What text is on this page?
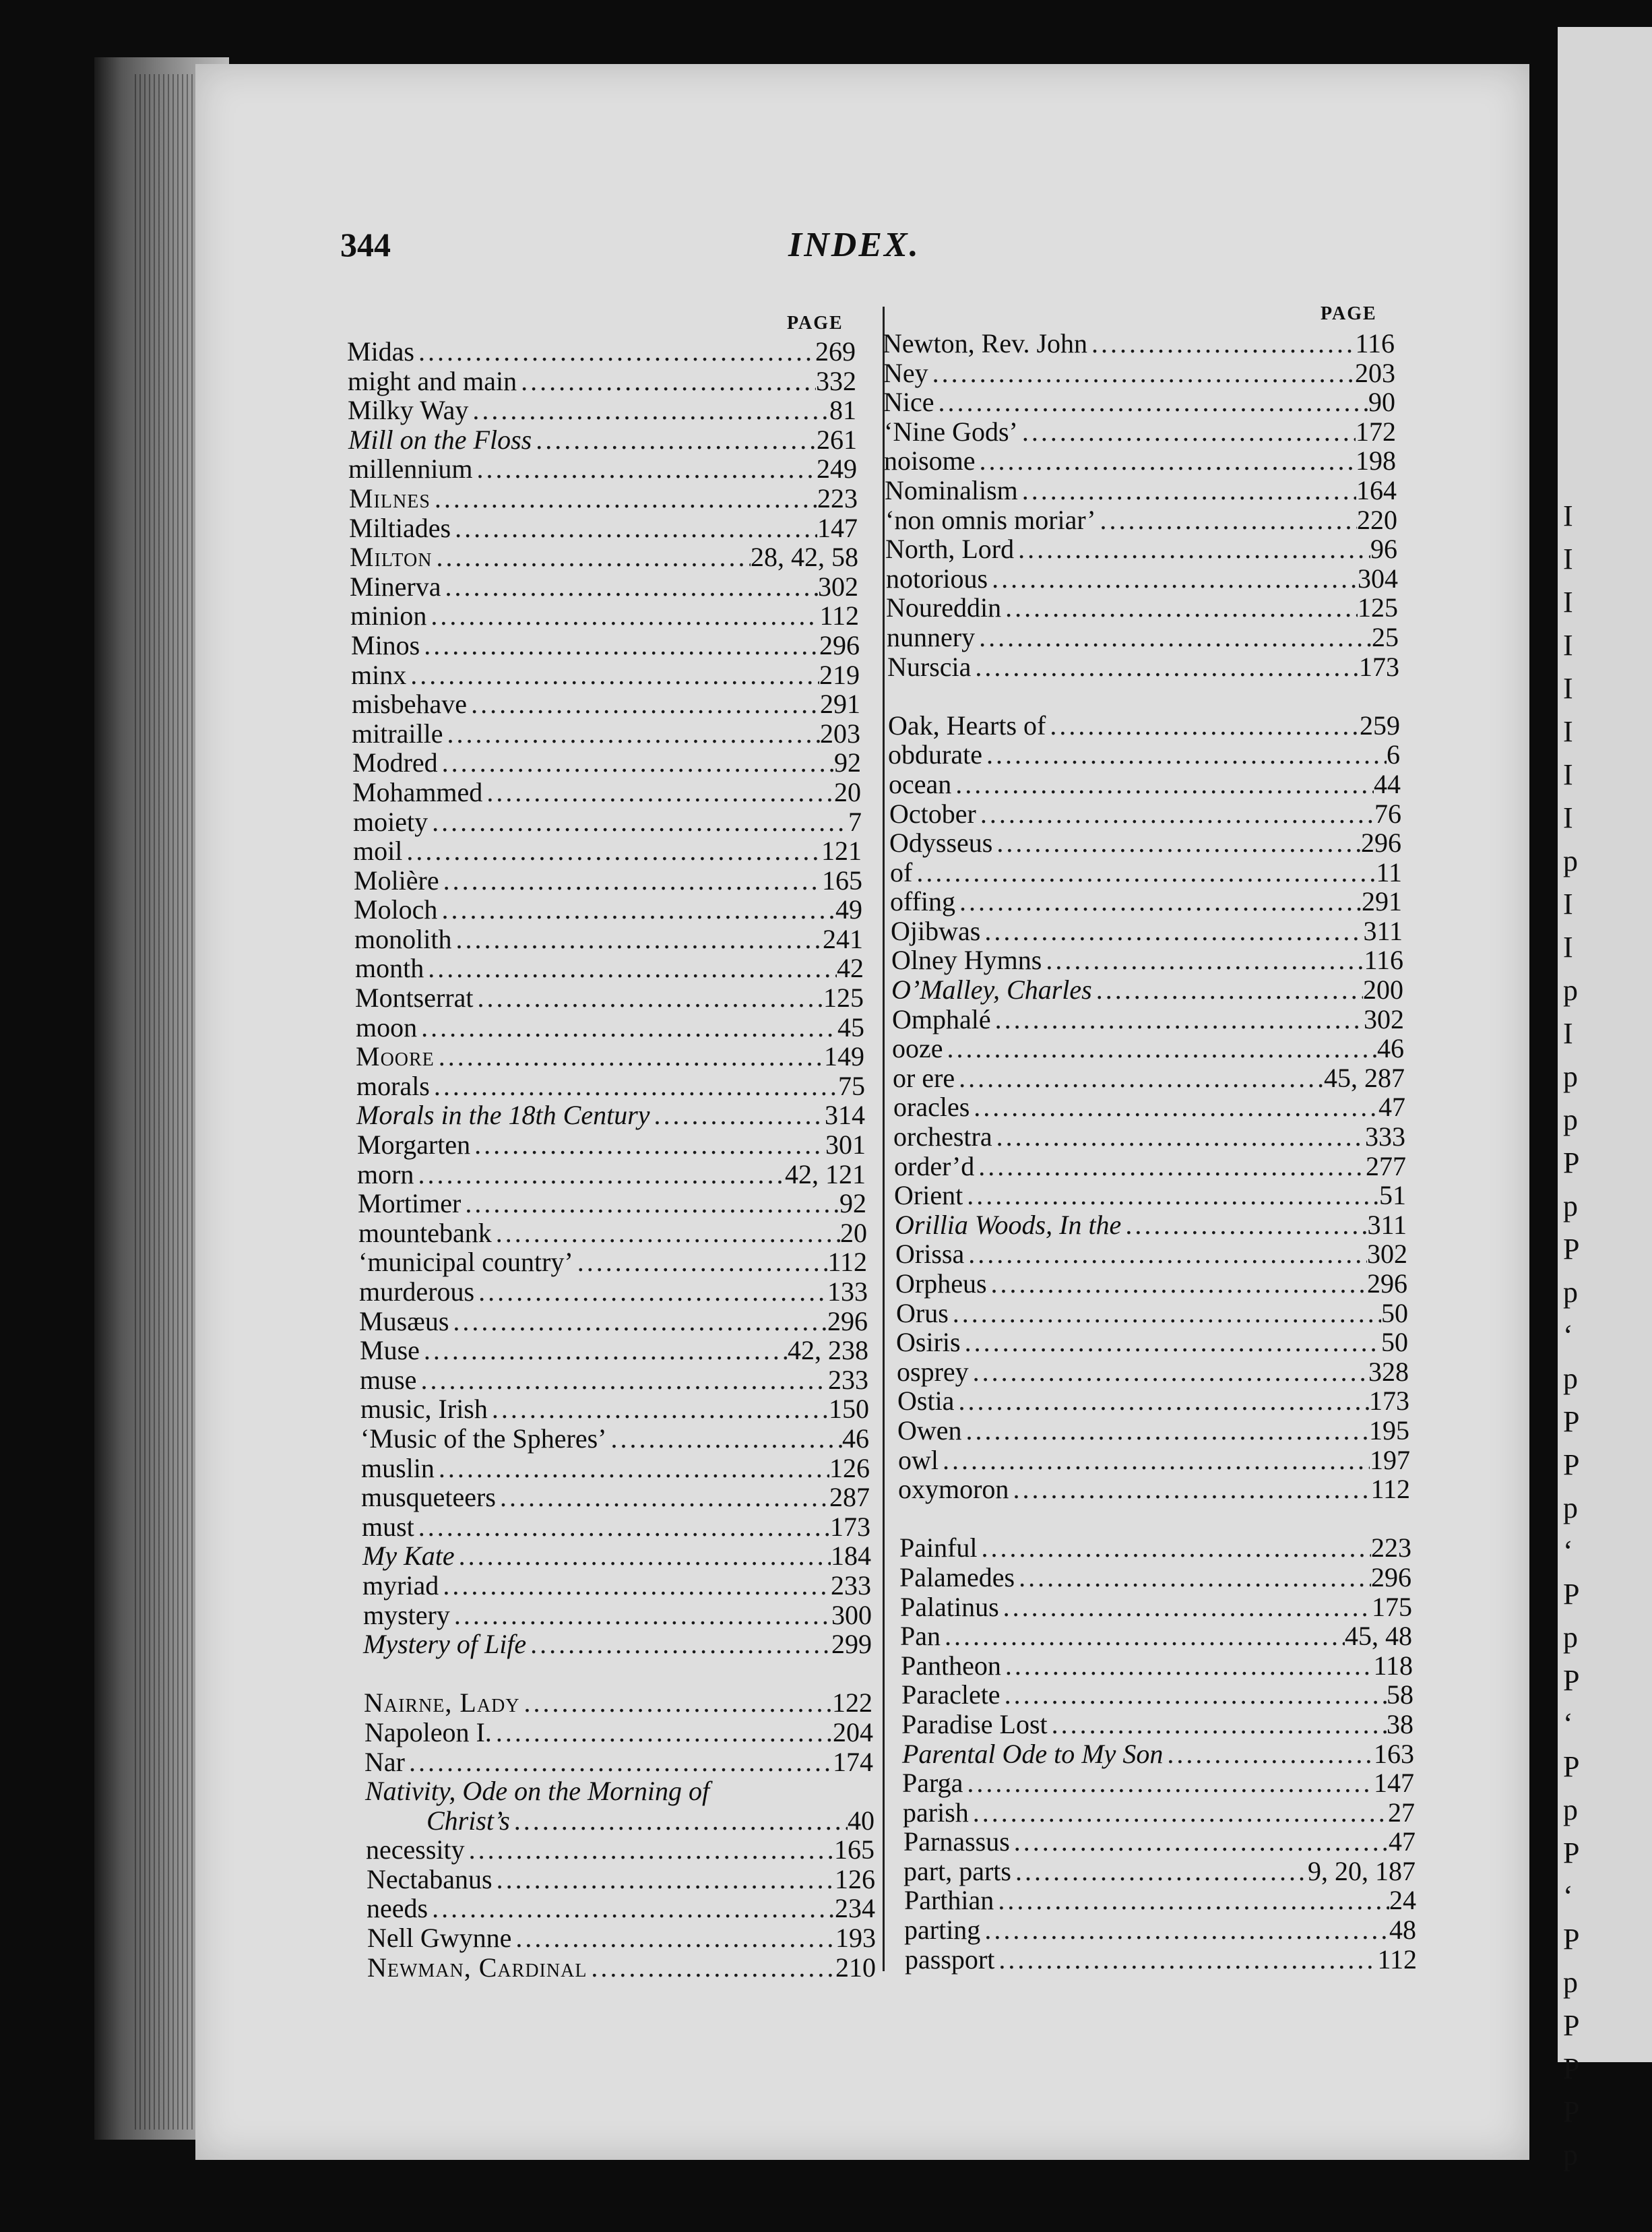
I
I
I
I
I
I
I
I
p
I
I
p
I
p
p
P
p
P
p
‘
p
P
P
p
‘
P
p
P
‘
P
p
P
‘
P
p
P
P
P
p
344	INDEX.
PAGE	PAGE
Midas .....	269
might and main .....	332
Milky Way .....	81
Mill on the Floss .....	261
millennium .....	249
Milnes .....	223
Miltiades .....	147
Milton .....	28, 42, 58
Minerva .....	302
minion .....	112
Minos .....	296
minx .....	219
misbehave .....	291
mitraille .....	203
Modred .....	92
Mohammed .....	20
moiety .....	7
moil .....	121
Molière .....	165
Moloch .....	49
monolith .....	241
month .....	42
Montserrat .....	125
moon .....	45
Moore .....	149
morals .....	75
Morals in the 18th Century .....	314
Morgarten .....	301
morn .....	42, 121
Mortimer .....	92
mountebank .....	20
‘municipal country’ .....	112
murderous .....	133
Musæus .....	296
Muse .....	42, 238
muse .....	233
music, Irish .....	150
‘Music of the Spheres’ .....	46
muslin .....	126
musqueteers .....	287
must .....	173
My Kate .....	184
myriad .....	233
mystery .....	300
Mystery of Life .....	299
Nairne, Lady .....	122
Napoleon I. .....	204
Nar .....	174
Nativity, Ode on the Morning of
Christ’s .....	40
necessity .....	165
Nectabanus .....	126
needs .....	234
Nell Gwynne .....	193
Newman, Cardinal .....	210
Newton, Rev. John .....	116
Ney .....	203
Nice .....	90
‘Nine Gods’ .....	172
noisome .....	198
Nominalism .....	164
‘non omnis moriar’ .....	220
North, Lord .....	96
notorious .....	304
Noureddin .....	125
nunnery .....	25
Nurscia .....	173
Oak, Hearts of .....	259
obdurate .....	6
ocean .....	44
October .....	76
Odysseus .....	296
of .....	11
offing .....	291
Ojibwas .....	311
Olney Hymns .....	116
O’Malley, Charles .....	200
Omphalé .....	302
ooze .....	46
or ere .....	45, 287
oracles .....	47
orchestra .....	333
order’d .....	277
Orient .....	51
Orillia Woods, In the .....	311
Orissa .....	302
Orpheus .....	296
Orus .....	50
Osiris .....	50
osprey .....	328
Ostia .....	173
Owen .....	195
owl .....	197
oxymoron .....	112
Painful .....	223
Palamedes .....	296
Palatinus .....	175
Pan .....	45, 48
Pantheon .....	118
Paraclete .....	58
Paradise Lost .....	38
Parental Ode to My Son .....	163
Parga .....	147
parish .....	27
Parnassus .....	47
part, parts .....	9, 20, 187
Parthian .....	24
parting .....	48
passport .....	112
